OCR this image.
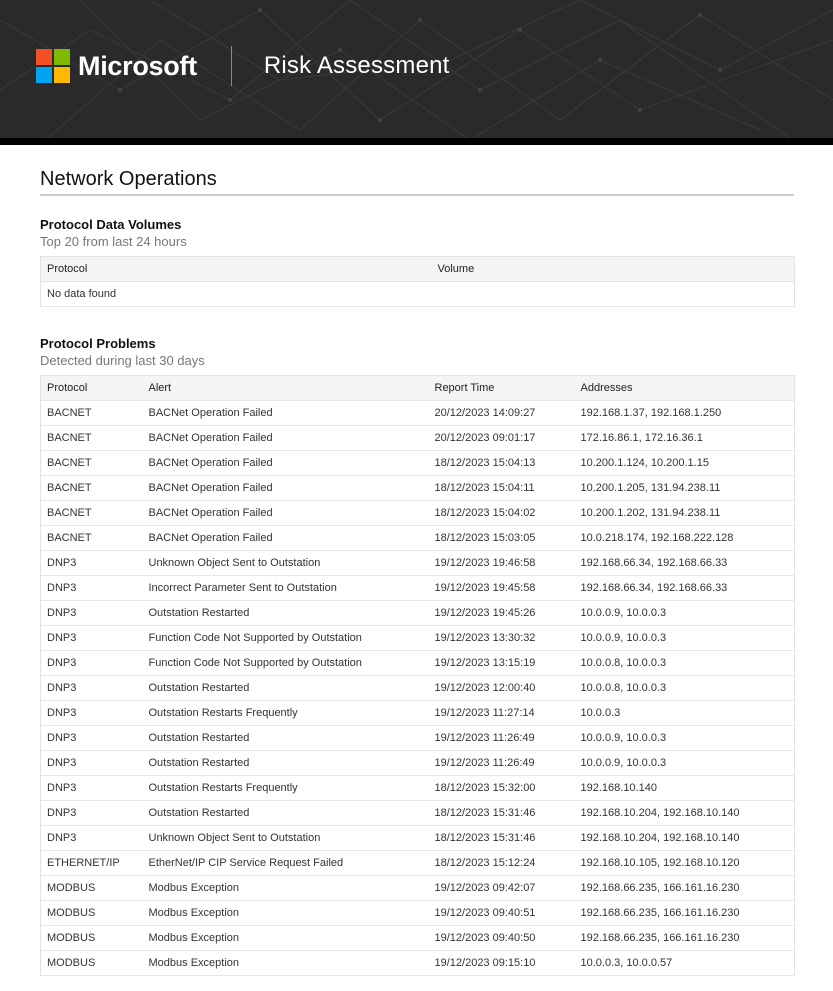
Microsoft	Risk Assessment
Network Operations
Protocol Data Volumes
Top 20 from last 24 hours
Protocol	Volume
No data found
Protocol Problems
Detected during last 30 days
Protocol	Alert	Report Time	Addresses
BACNET	BACNet Operation Failed	20/12/2023 14:09:27	192.168.1.37, 192.168.1.250
BACNET	BACNet Operation Failed	20/12/2023 09:01:17	172.16.86.1, 172.16.36.1
BACNET	BACNet Operation Failed	18/12/2023 15:04:13	10.200.1.124, 10.200.1.15
BACNET	BACNet Operation Failed	18/12/2023 15:04:11	10.200.1.205, 131.94.238.11
BACNET	BACNet Operation Failed	18/12/2023 15:04:02	10.200.1.202, 131.94.238.11
BACNET	BACNet Operation Failed	18/12/2023 15:03:05	10.0.218.174, 192.168.222.128
DNP3	Unknown Object Sent to Outstation	19/12/2023 19:46:58	192.168.66.34, 192.168.66.33
DNP3	Incorrect Parameter Sent to Outstation	19/12/2023 19:45:58	192.168.66.34, 192.168.66.33
DNP3	Outstation Restarted	19/12/2023 19:45:26	10.0.0.9, 10.0.0.3
DNP3	Function Code Not Supported by Outstation	19/12/2023 13:30:32	10.0.0.9, 10.0.0.3
DNP3	Function Code Not Supported by Outstation	19/12/2023 13:15:19	10.0.0.8, 10.0.0.3
DNP3	Outstation Restarted	19/12/2023 12:00:40	10.0.0.8, 10.0.0.3
DNP3	Outstation Restarts Frequently	19/12/2023 11:27:14	10.0.0.3
DNP3	Outstation Restarted	19/12/2023 11:26:49	10.0.0.9, 10.0.0.3
DNP3	Outstation Restarted	19/12/2023 11:26:49	10.0.0.9, 10.0.0.3
DNP3	Outstation Restarts Frequently	18/12/2023 15:32:00	192.168.10.140
DNP3	Outstation Restarted	18/12/2023 15:31:46	192.168.10.204, 192.168.10.140
DNP3	Unknown Object Sent to Outstation	18/12/2023 15:31:46	192.168.10.204, 192.168.10.140
ETHERNET/IP	EtherNet/IP CIP Service Request Failed	18/12/2023 15:12:24	192.168.10.105, 192.168.10.120
MODBUS	Modbus Exception	19/12/2023 09:42:07	192.168.66.235, 166.161.16.230
MODBUS	Modbus Exception	19/12/2023 09:40:51	192.168.66.235, 166.161.16.230
MODBUS	Modbus Exception	19/12/2023 09:40:50	192.168.66.235, 166.161.16.230
MODBUS	Modbus Exception	19/12/2023 09:15:10	10.0.0.3, 10.0.0.57
